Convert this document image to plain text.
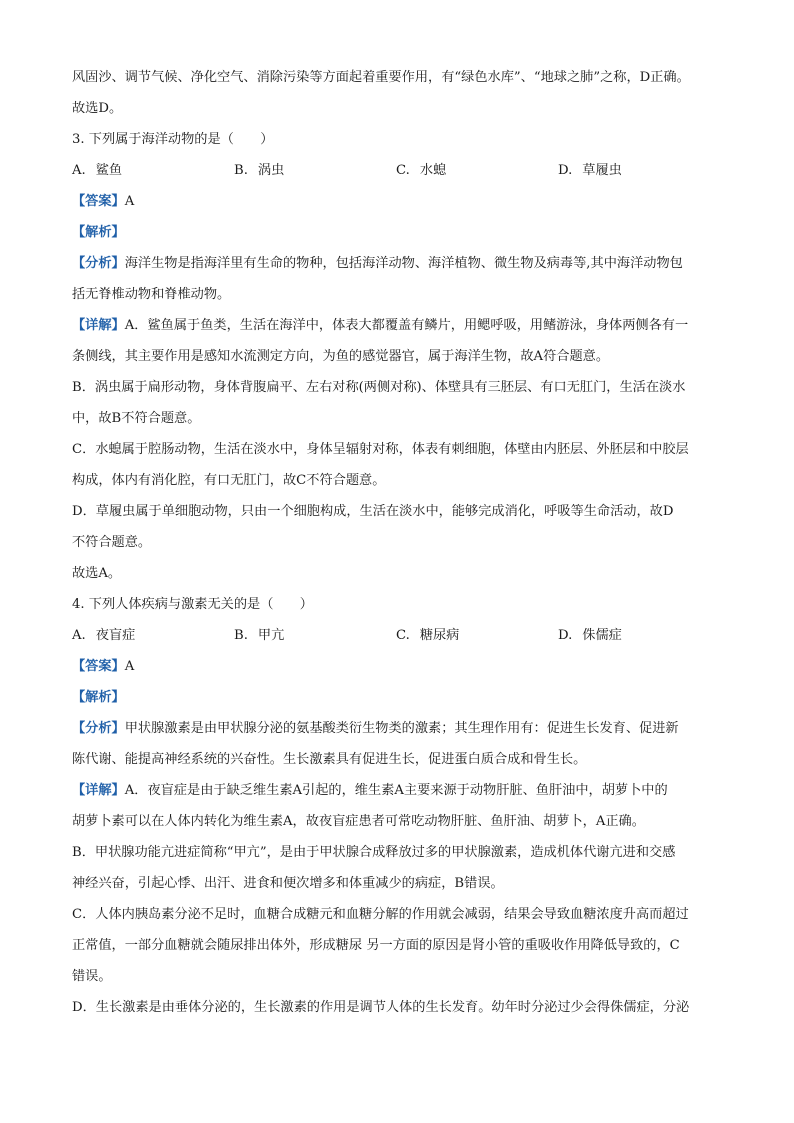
风固沙、调节气候、净化空气、消除污染等方面起着重要作用，有“绿色水库”、“地球之肺”之称，D正确。
故选D。
3. 下列属于海洋动物的是（　　）
A. 鲨鱼	B. 涡虫	C. 水螅	D. 草履虫
【答案】A
【解析】
【分析】海洋生物是指海洋里有生命的物种，包括海洋动物、海洋植物、微生物及病毒等,其中海洋动物包
括无脊椎动物和脊椎动物。
【详解】A．鲨鱼属于鱼类，生活在海洋中，体表大都覆盖有鳞片，用鳃呼吸，用鳍游泳，身体两侧各有一
条侧线，其主要作用是感知水流测定方向，为鱼的感觉器官，属于海洋生物，故A符合题意。
B．涡虫属于扁形动物，身体背腹扁平、左右对称(两侧对称)、体壁具有三胚层、有口无肛门，生活在淡水
中，故B不符合题意。
C．水螅属于腔肠动物，生活在淡水中，身体呈辐射对称，体表有刺细胞，体壁由内胚层、外胚层和中胶层
构成，体内有消化腔，有口无肛门，故C不符合题意。
D．草履虫属于单细胞动物，只由一个细胞构成，生活在淡水中，能够完成消化，呼吸等生命活动，故D
不符合题意。
故选A。
4. 下列人体疾病与激素无关的是（　　）
A. 夜盲症	B. 甲亢	C. 糖尿病	D. 侏儒症
【答案】A
【解析】
【分析】甲状腺激素是由甲状腺分泌的氨基酸类衍生物类的激素；其生理作用有：促进生长发育、促进新
陈代谢、能提高神经系统的兴奋性。生长激素具有促进生长，促进蛋白质合成和骨生长。
【详解】A．夜盲症是由于缺乏维生素A引起的，维生素A主要来源于动物肝脏、鱼肝油中，胡萝卜中的
胡萝卜素可以在人体内转化为维生素A，故夜盲症患者可常吃动物肝脏、鱼肝油、胡萝卜，A正确。
B．甲状腺功能亢进症简称“甲亢”，是由于甲状腺合成释放过多的甲状腺激素，造成机体代谢亢进和交感
神经兴奋，引起心悸、出汗、进食和便次增多和体重减少的病症，B错误。
C．人体内胰岛素分泌不足时，血糖合成糖元和血糖分解的作用就会减弱，结果会导致血糖浓度升高而超过
正常值，一部分血糖就会随尿排出体外，形成糖尿 另一方面的原因是肾小管的重吸收作用降低导致的，C
错误。
D．生长激素是由垂体分泌的，生长激素的作用是调节人体的生长发育。幼年时分泌过少会得侏儒症，分泌
